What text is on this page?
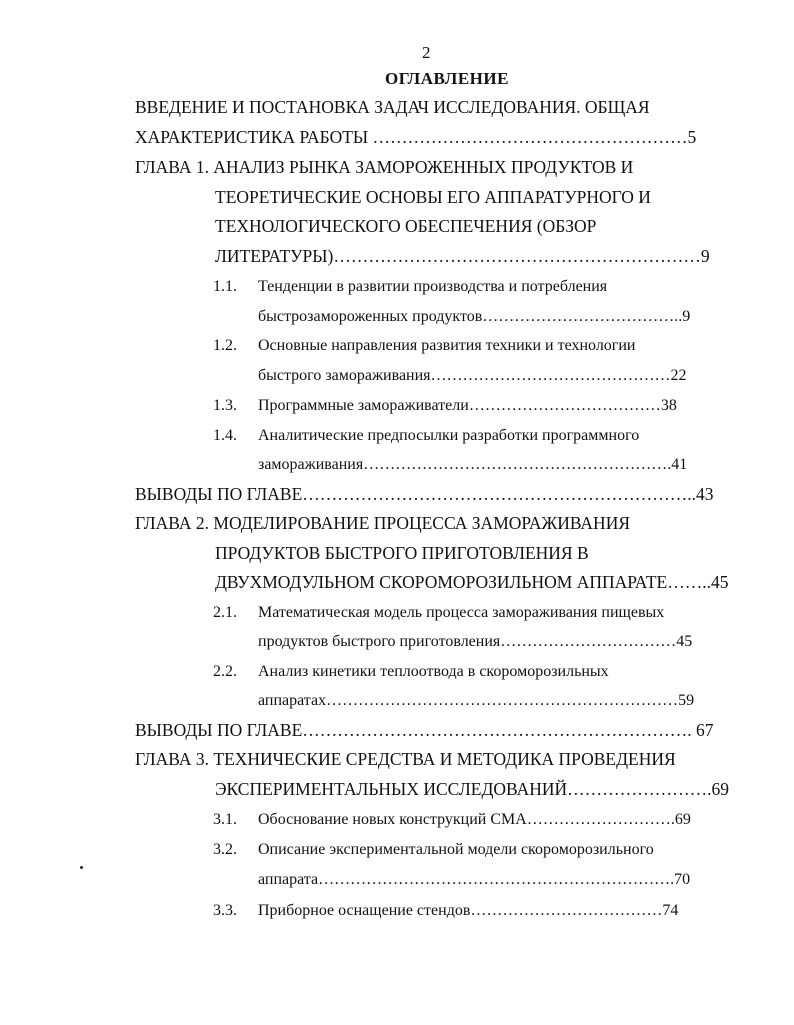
2
ОГЛАВЛЕНИЕ
ВВЕДЕНИЕ И ПОСТАНОВКА ЗАДАЧ ИССЛЕДОВАНИЯ. ОБЩАЯ
ХАРАКТЕРИСТИКА РАБОТЫ ………………………………………………5
ГЛАВА 1. АНАЛИЗ РЫНКА ЗАМОРОЖЕННЫХ ПРОДУКТОВ И
ТЕОРЕТИЧЕСКИЕ ОСНОВЫ ЕГО АППАРАТУРНОГО И
ТЕХНОЛОГИЧЕСКОГО ОБЕСПЕЧЕНИЯ (ОБЗОР
ЛИТЕРАТУРЫ)………………………………………………………9
1.1. Тенденции в развитии производства и потребления
быстрозамороженных продуктов………………………………..9
1.2. Основные направления развития техники и технологии
быстрого замораживания………………………………………22
1.3. Программные замораживатели………………………………38
1.4. Аналитические предпосылки разработки программного
замораживания………………………………………………….41
ВЫВОДЫ ПО ГЛАВЕ…………………………………………………………..43
ГЛАВА 2. МОДЕЛИРОВАНИЕ ПРОЦЕССА ЗАМОРАЖИВАНИЯ
ПРОДУКТОВ БЫСТРОГО ПРИГОТОВЛЕНИЯ В
ДВУХМОДУЛЬНОМ СКОРОМОРОЗИЛЬНОМ АППАРАТЕ……..45
2.1. Математическая модель процесса замораживания пищевых
продуктов быстрого приготовления……………………………45
2.2. Анализ кинетики теплоотвода в скороморозильных
аппаратах…………………………………………………………59
ВЫВОДЫ ПО ГЛАВЕ…………………………………………………………. 67
ГЛАВА 3. ТЕХНИЧЕСКИЕ СРЕДСТВА И МЕТОДИКА ПРОВЕДЕНИЯ
ЭКСПЕРИМЕНТАЛЬНЫХ ИССЛЕДОВАНИЙ…………………….69
3.1. Обоснование новых конструкций СМА……………………….69
3.2. Описание экспериментальной модели скороморозильного
аппарата………………………………………………………….70
3.3. Приборное оснащение стендов………………………………74
